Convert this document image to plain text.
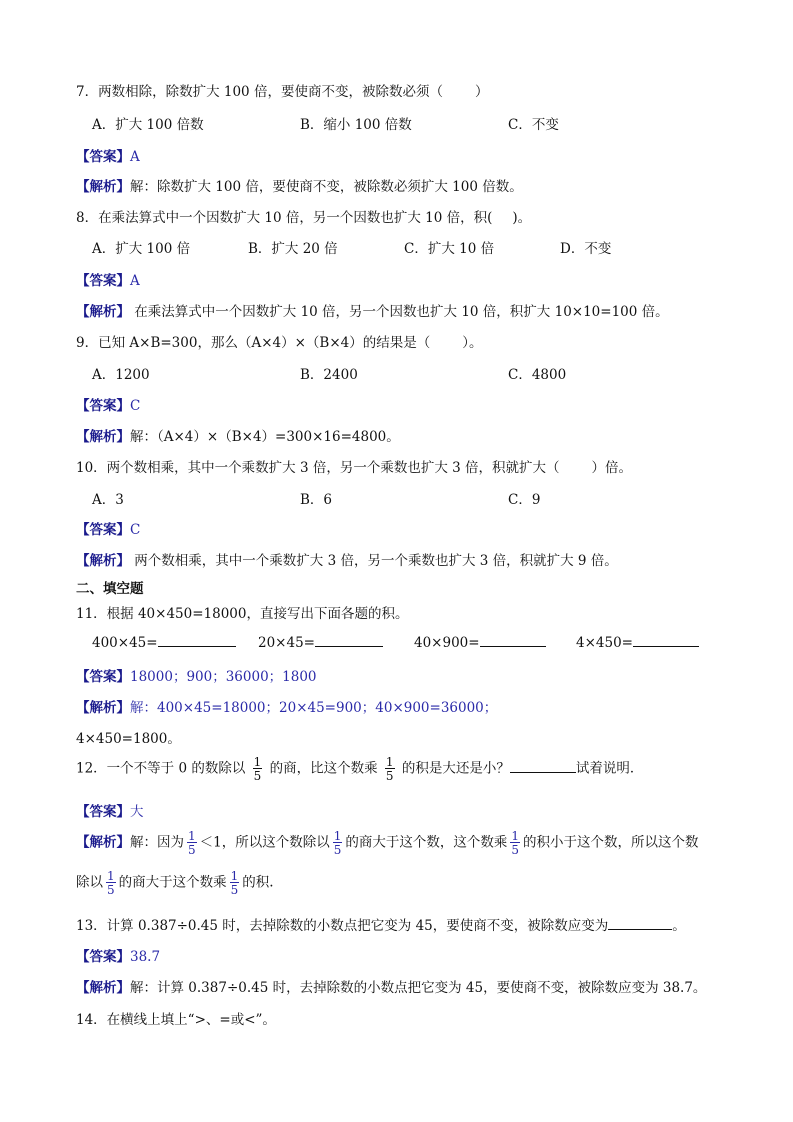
7．两数相除，除数扩大 100 倍，要使商不变，被除数必须（ ）
A．扩大 100 倍数	B．缩小 100 倍数	C．不变
【答案】A
【解析】解：除数扩大 100 倍，要使商不变，被除数必须扩大 100 倍数。
8．在乘法算式中一个因数扩大 10 倍，另一个因数也扩大 10 倍，积( )。
A．扩大 100 倍	B．扩大 20 倍	C．扩大 10 倍	D．不变
【答案】A
【解析】 在乘法算式中一个因数扩大 10 倍，另一个因数也扩大 10 倍，积扩大 10×10=100 倍。
9．已知 A×B=300，那么（A×4）×（B×4）的结果是（ ）。
A．1200	B．2400	C．4800
【答案】C
【解析】解：（A×4）×（B×4）=300×16=4800。
10．两个数相乘，其中一个乘数扩大 3 倍，另一个乘数也扩大 3 倍，积就扩大（ ）倍。
A．3	B．6	C．9
【答案】C
【解析】 两个数相乘，其中一个乘数扩大 3 倍，另一个乘数也扩大 3 倍，积就扩大 9 倍。
二、填空题
11．根据 40×450=18000，直接写出下面各题的积。
400×45=	20×45=	40×900=	4×450=
【答案】18000；900；36000；1800
【解析】解：400×45=18000；20×45=900；40×900=36000；
4×450=1800。
12．一个不等于 0 的数除以 $\frac{1}{5}$ 的商，比这个数乘 $\frac{1}{5}$ 的积是大还是小？	试着说明．
【答案】大
【解析】解：因为 $\frac{1}{5} <1$，所以这个数除以 $\frac{1}{5}$ 的商大于这个数，这个数乘 $\frac{1}{5}$ 的积小于这个数，所以这个数
除以 $\frac{1}{5}$ 的商大于这个数乘 $\frac{1}{5}$ 的积.
13．计算 0.387÷0.45 时，去掉除数的小数点把它变为 45，要使商不变，被除数应变为	。
【答案】38.7
【解析】解：计算 0.387÷0.45 时，去掉除数的小数点把它变为 45，要使商不变，被除数应变为 38.7。
14．在横线上填上“>、=或<”。
